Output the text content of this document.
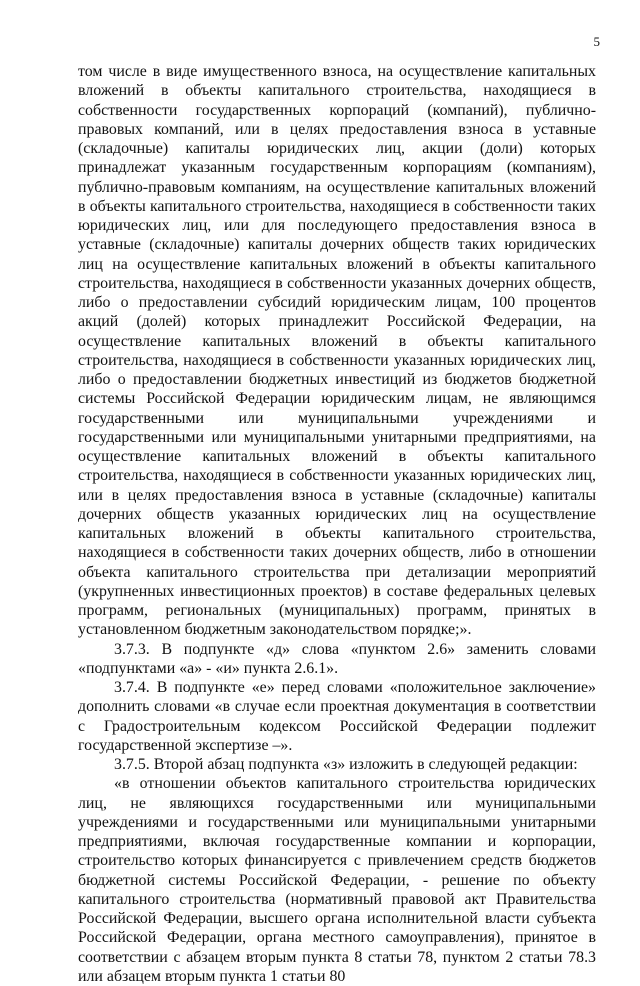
5

том числе в виде имущественного взноса, на осуществление капитальных вложений в объекты капитального строительства, находящиеся в собственности государственных корпораций (компаний), публично-правовых компаний, или в целях предоставления взноса в уставные (складочные) капиталы юридических лиц, акции (доли) которых принадлежат указанным государственным корпорациям (компаниям), публично-правовым компаниям, на осуществление капитальных вложений в объекты капитального строительства, находящиеся в собственности таких юридических лиц, или для последующего предоставления взноса в уставные (складочные) капиталы дочерних обществ таких юридических лиц на осуществление капитальных вложений в объекты капитального строительства, находящиеся в собственности указанных дочерних обществ, либо о предоставлении субсидий юридическим лицам, 100 процентов акций (долей) которых принадлежит Российской Федерации, на осуществление капитальных вложений в объекты капитального строительства, находящиеся в собственности указанных юридических лиц, либо о предоставлении бюджетных инвестиций из бюджетов бюджетной системы Российской Федерации юридическим лицам, не являющимся государственными или муниципальными учреждениями и государственными или муниципальными унитарными предприятиями, на осуществление капитальных вложений в объекты капитального строительства, находящиеся в собственности указанных юридических лиц, или в целях предоставления взноса в уставные (складочные) капиталы дочерних обществ указанных юридических лиц на осуществление капитальных вложений в объекты капитального строительства, находящиеся в собственности таких дочерних обществ, либо в отношении объекта капитального строительства при детализации мероприятий (укрупненных инвестиционных проектов) в составе федеральных целевых программ, региональных (муниципальных) программ, принятых в установленном бюджетным законодательством порядке;».

3.7.3. В подпункте «д» слова «пунктом 2.6» заменить словами «подпунктами «а» - «и» пункта 2.6.1».

3.7.4. В подпункте «е» перед словами «положительное заключение» дополнить словами «в случае если проектная документация в соответствии с Градостроительным кодексом Российской Федерации подлежит государственной экспертизе –».

3.7.5. Второй абзац подпункта «з» изложить в следующей редакции:

«в отношении объектов капитального строительства юридических лиц, не являющихся государственными или муниципальными учреждениями и государственными или муниципальными унитарными предприятиями, включая государственные компании и корпорации, строительство которых финансируется с привлечением средств бюджетов бюджетной системы Российской Федерации, - решение по объекту капитального строительства (нормативный правовой акт Правительства Российской Федерации, высшего органа исполнительной власти субъекта Российской Федерации, органа местного самоуправления), принятое в соответствии с абзацем вторым пункта 8 статьи 78, пунктом 2 статьи 78.3 или абзацем вторым пункта 1 статьи 80
